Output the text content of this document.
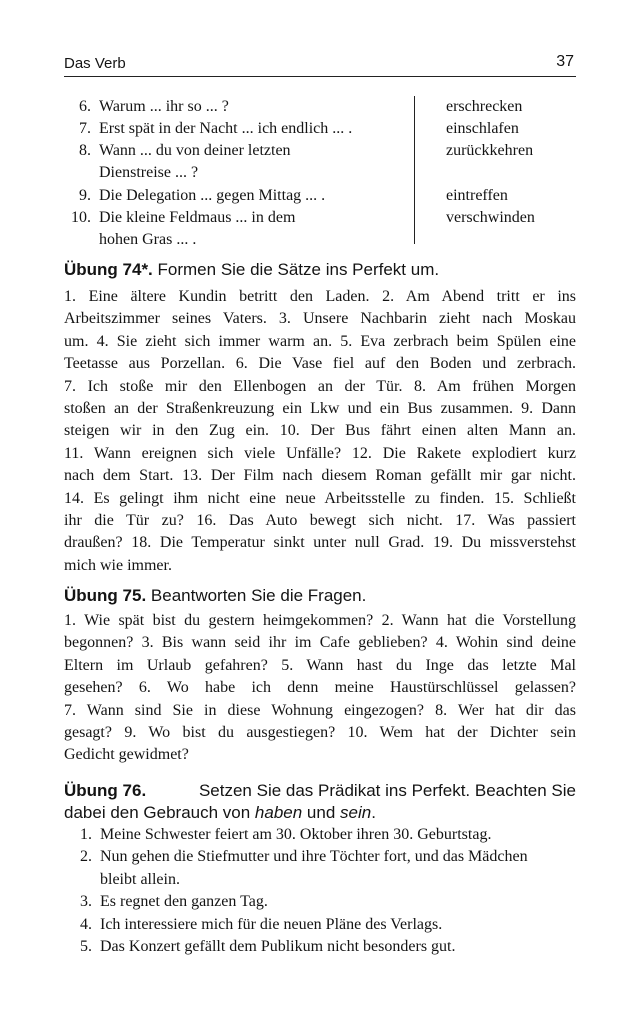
Das Verb	37
6. Warum ... ihr so ... ?	erschrecken
7. Erst spät in der Nacht ... ich endlich ... .	einschlafen
8. Wann ... du von deiner letzten	zurückkehren
Dienstreise ... ?
9. Die Delegation ... gegen Mittag ... .	eintreffen
10. Die kleine Feldmaus ... in dem	verschwinden
hohen Gras ... .
Übung 74*. Formen Sie die Sätze ins Perfekt um.
1. Eine ältere Kundin betritt den Laden. 2. Am Abend tritt er ins
Arbeitszimmer seines Vaters. 3. Unsere Nachbarin zieht nach Moskau
um. 4. Sie zieht sich immer warm an. 5. Eva zerbrach beim Spülen eine
Teetasse aus Porzellan. 6. Die Vase fiel auf den Boden und zerbrach.
7. Ich stoße mir den Ellenbogen an der Tür. 8. Am frühen Morgen
stoßen an der Straßenkreuzung ein Lkw und ein Bus zusammen. 9. Dann
steigen wir in den Zug ein. 10. Der Bus fährt einen alten Mann an.
11. Wann ereignen sich viele Unfälle? 12. Die Rakete explodiert kurz
nach dem Start. 13. Der Film nach diesem Roman gefällt mir gar nicht.
14. Es gelingt ihm nicht eine neue Arbeitsstelle zu finden. 15. Schließt
ihr die Tür zu? 16. Das Auto bewegt sich nicht. 17. Was passiert
draußen? 18. Die Temperatur sinkt unter null Grad. 19. Du missverstehst
mich wie immer.
Übung 75. Beantworten Sie die Fragen.
1. Wie spät bist du gestern heimgekommen? 2. Wann hat die Vorstellung
begonnen? 3. Bis wann seid ihr im Cafe geblieben? 4. Wohin sind deine
Eltern im Urlaub gefahren? 5. Wann hast du Inge das letzte Mal
gesehen? 6. Wo habe ich denn meine Haustürschlüssel gelassen?
7. Wann sind Sie in diese Wohnung eingezogen? 8. Wer hat dir das
gesagt? 9. Wo bist du ausgestiegen? 10. Wem hat der Dichter sein
Gedicht gewidmet?
Übung 76.	Setzen Sie das Prädikat ins Perfekt. Beachten Sie
dabei den Gebrauch von haben und sein.
1. Meine Schwester feiert am 30. Oktober ihren 30. Geburtstag.
2. Nun gehen die Stiefmutter und ihre Töchter fort, und das Mädchen
bleibt allein.
3. Es regnet den ganzen Tag.
4. Ich interessiere mich für die neuen Pläne des Verlags.
5. Das Konzert gefällt dem Publikum nicht besonders gut.
